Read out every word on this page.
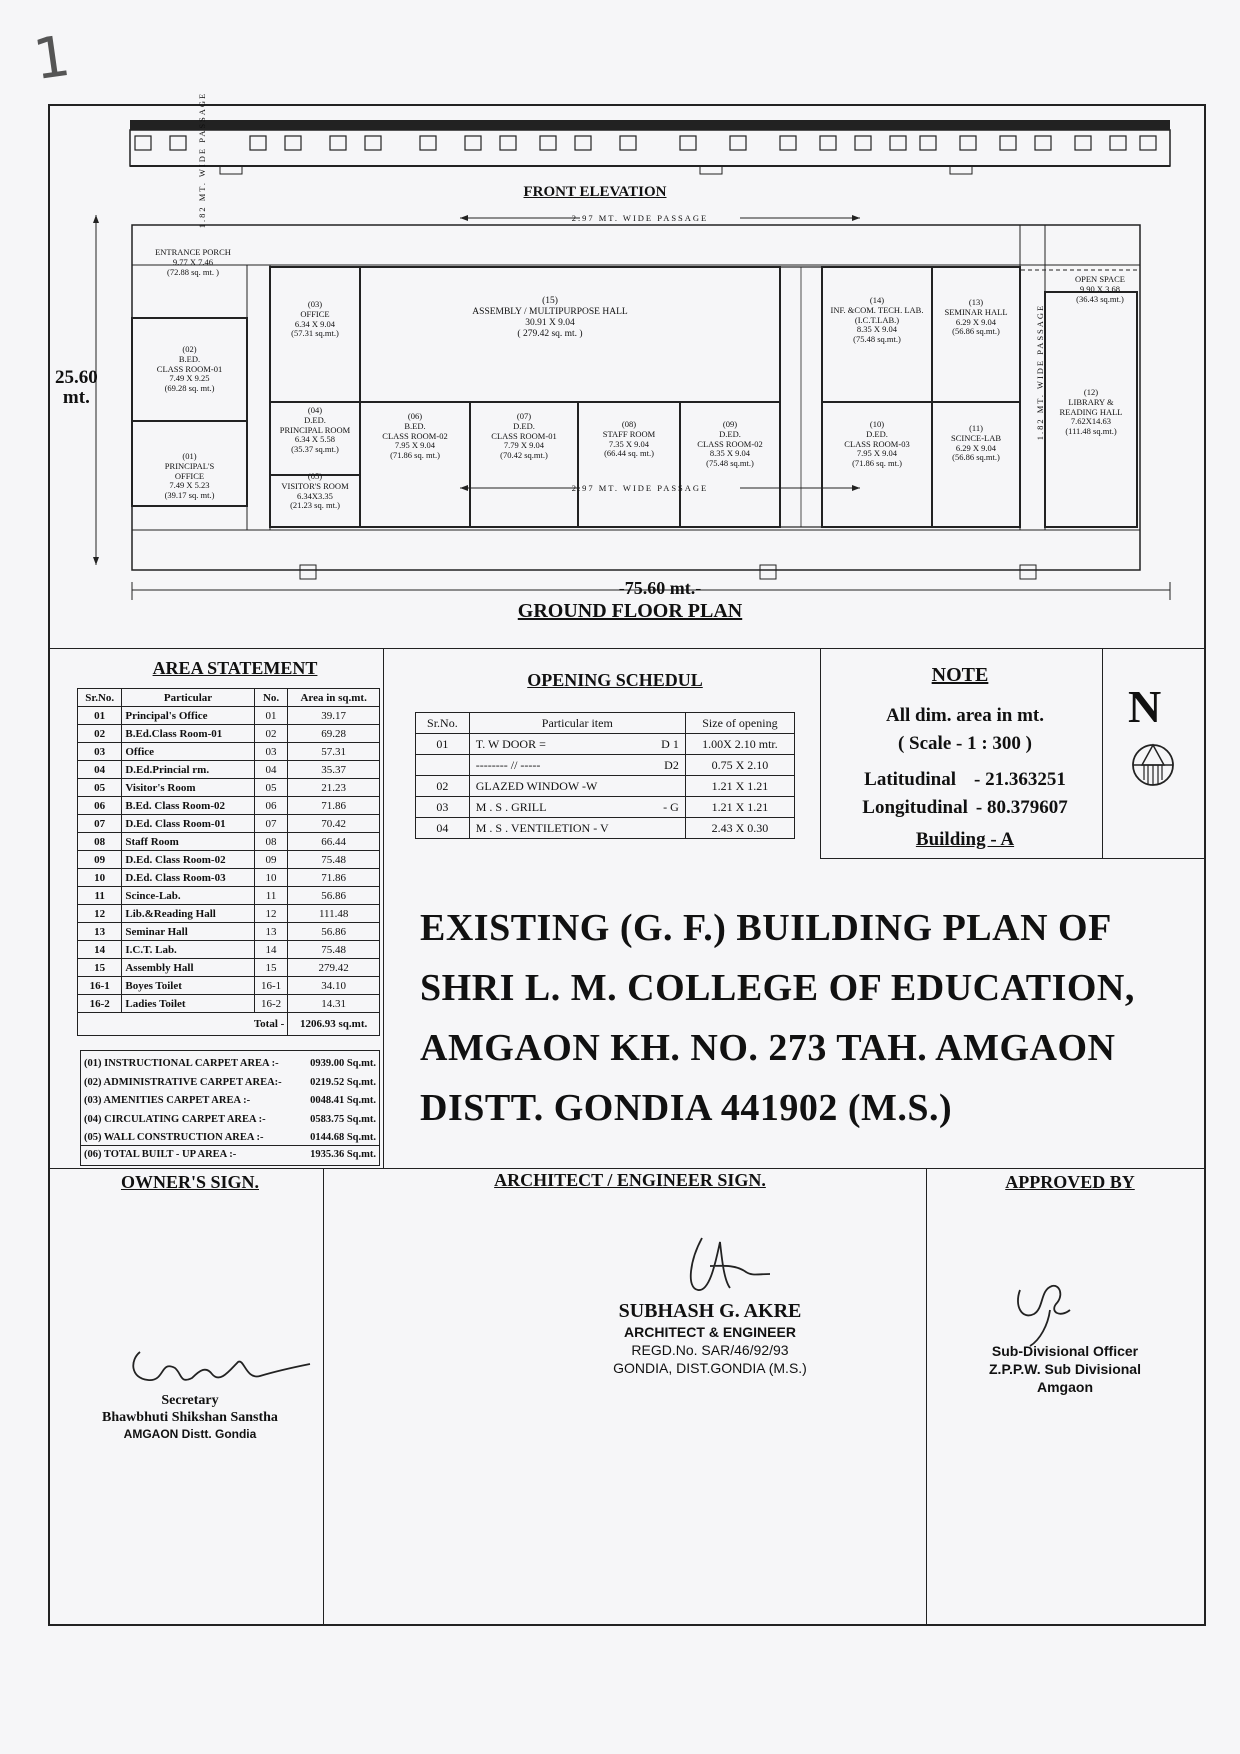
1
FRONT ELEVATION
2.97 MT. WIDE PASSAGE
2.97 MT. WIDE PASSAGE
1.82 MT. WIDE PASSAGE
1.82 MT. WIDE PASSAGE
25.60
mt.
-75.60 mt.-
GROUND FLOOR PLAN
ENTRANCE PORCH
9.77 X 7.46
(72.88 sq. mt. )
OPEN SPACE
9.90 X 3.68
(36.43 sq.mt.)
(02)
B.ED.
CLASS ROOM-01
7.49 X 9.25
(69.28 sq. mt.)
(01)
PRINCIPAL'S
OFFICE
7.49 X 5.23
(39.17 sq. mt.)
(03)
OFFICE
6.34 X 9.04
(57.31 sq.mt.)
(04)
D.ED.
PRINCIPAL ROOM
6.34 X 5.58
(35.37 sq.mt.)
(05)
VISITOR'S ROOM
6.34X3.35
(21.23 sq. mt.)
(15)
ASSEMBLY / MULTIPURPOSE HALL
30.91 X 9.04
( 279.42 sq. mt. )
(06)
B.ED.
CLASS ROOM-02
7.95 X 9.04
(71.86 sq. mt.)
(07)
D.ED.
CLASS ROOM-01
7.79 X 9.04
(70.42 sq.mt.)
(08)
STAFF ROOM
7.35 X 9.04
(66.44 sq. mt.)
(09)
D.ED.
CLASS ROOM-02
8.35 X 9.04
(75.48 sq.mt.)
(14)
INF. &COM. TECH. LAB.
(I.C.T.LAB.)
8.35 X 9.04
(75.48 sq.mt.)
(10)
D.ED.
CLASS ROOM-03
7.95 X 9.04
(71.86 sq. mt.)
(13)
SEMINAR HALL
6.29 X 9.04
(56.86 sq.mt.)
(11)
SCINCE-LAB
6.29 X 9.04
(56.86 sq.mt.)
(12)
LIBRARY &
READING HALL
7.62X14.63
(111.48 sq.mt.)
AREA STATEMENT
Sr.No.	Particular	No.	Area in sq.mt.
01	Principal's Office	01	39.17
02	B.Ed.Class Room-01	02	69.28
03	Office	03	57.31
04	D.Ed.Princial rm.	04	35.37
05	Visitor's Room	05	21.23
06	B.Ed. Class Room-02	06	71.86
07	D.Ed. Class Room-01	07	70.42
08	Staff Room	08	66.44
09	D.Ed. Class Room-02	09	75.48
10	D.Ed. Class Room-03	10	71.86
11	Scince-Lab.	11	56.86
12	Lib.&Reading Hall	12	111.48
13	Seminar Hall	13	56.86
14	I.C.T. Lab.	14	75.48
15	Assembly Hall	15	279.42
16-1	Boyes Toilet	16-1	34.10
16-2	Ladies Toilet	16-2	14.31
Total -			1206.93 sq.mt.
(01) INSTRUCTIONAL CARPET AREA :-	0939.00 Sq.mt.
(02) ADMINISTRATIVE CARPET AREA:-	0219.52 Sq.mt.
(03) AMENITIES CARPET AREA :-	0048.41 Sq.mt.
(04) CIRCULATING CARPET AREA :-	0583.75 Sq.mt.
(05) WALL CONSTRUCTION AREA :-	0144.68 Sq.mt.
(06) TOTAL BUILT - UP AREA :-	1935.36 Sq.mt.
OPENING SCHEDUL
Sr.No.	Particular item		Size of opening
01	T. W DOOR =	D 1	1.00X 2.10 mtr.
	-------- // -----	D2	0.75 X 2.10
02	GLAZED WINDOW -W		1.21 X 1.21
03	M . S . GRILL	- G	1.21 X 1.21
04	M . S . VENTILETION - V		2.43 X 0.30
NOTE
All dim. area in mt.
( Scale - 1 : 300 )
Latitudinal - 21.363251
Longitudinal - 80.379607
Building - A
N
EXISTING (G. F.) BUILDING PLAN OF
SHRI L. M. COLLEGE OF EDUCATION,
AMGAON KH. NO. 273 TAH. AMGAON
DISTT. GONDIA 441902 (M.S.)
OWNER'S SIGN.
Secretary
Bhawbhuti Shikshan Sanstha
AMGAON Distt. Gondia
ARCHITECT / ENGINEER SIGN.
SUBHASH G. AKRE
ARCHITECT & ENGINEER
REGD.No. SAR/46/92/93
GONDIA, DIST.GONDIA (M.S.)
APPROVED BY
Sub-Divisional Officer
Z.P.P.W. Sub Divisional
Amgaon
